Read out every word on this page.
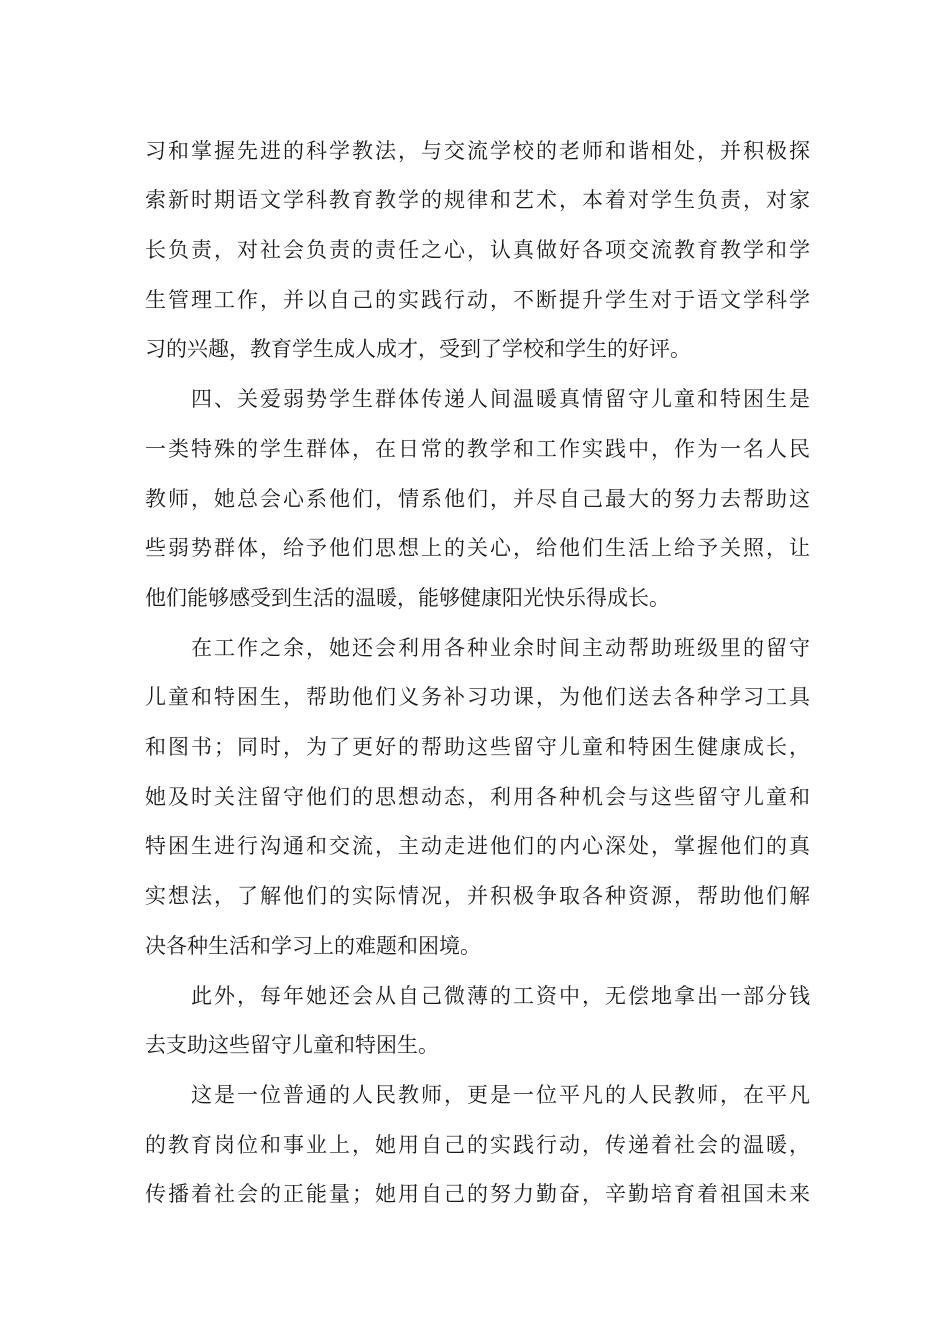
习和掌握先进的科学教法，与交流学校的老师和谐相处，并积极探
索新时期语文学科教育教学的规律和艺术，本着对学生负责，对家
长负责，对社会负责的责任之心，认真做好各项交流教育教学和学
生管理工作，并以自己的实践行动，不断提升学生对于语文学科学
习的兴趣，教育学生成人成才，受到了学校和学生的好评。
四、关爱弱势学生群体传递人间温暖真情留守儿童和特困生是
一类特殊的学生群体，在日常的教学和工作实践中，作为一名人民
教师，她总会心系他们，情系他们，并尽自己最大的努力去帮助这
些弱势群体，给予他们思想上的关心，给他们生活上给予关照，让
他们能够感受到生活的温暖，能够健康阳光快乐得成长。
在工作之余，她还会利用各种业余时间主动帮助班级里的留守
儿童和特困生，帮助他们义务补习功课，为他们送去各种学习工具
和图书；同时，为了更好的帮助这些留守儿童和特困生健康成长，
她及时关注留守他们的思想动态，利用各种机会与这些留守儿童和
特困生进行沟通和交流，主动走进他们的内心深处，掌握他们的真
实想法，了解他们的实际情况，并积极争取各种资源，帮助他们解
决各种生活和学习上的难题和困境。
此外，每年她还会从自己微薄的工资中，无偿地拿出一部分钱
去支助这些留守儿童和特困生。
这是一位普通的人民教师，更是一位平凡的人民教师，在平凡
的教育岗位和事业上，她用自己的实践行动，传递着社会的温暖，
传播着社会的正能量；她用自己的努力勤奋，辛勤培育着祖国未来
